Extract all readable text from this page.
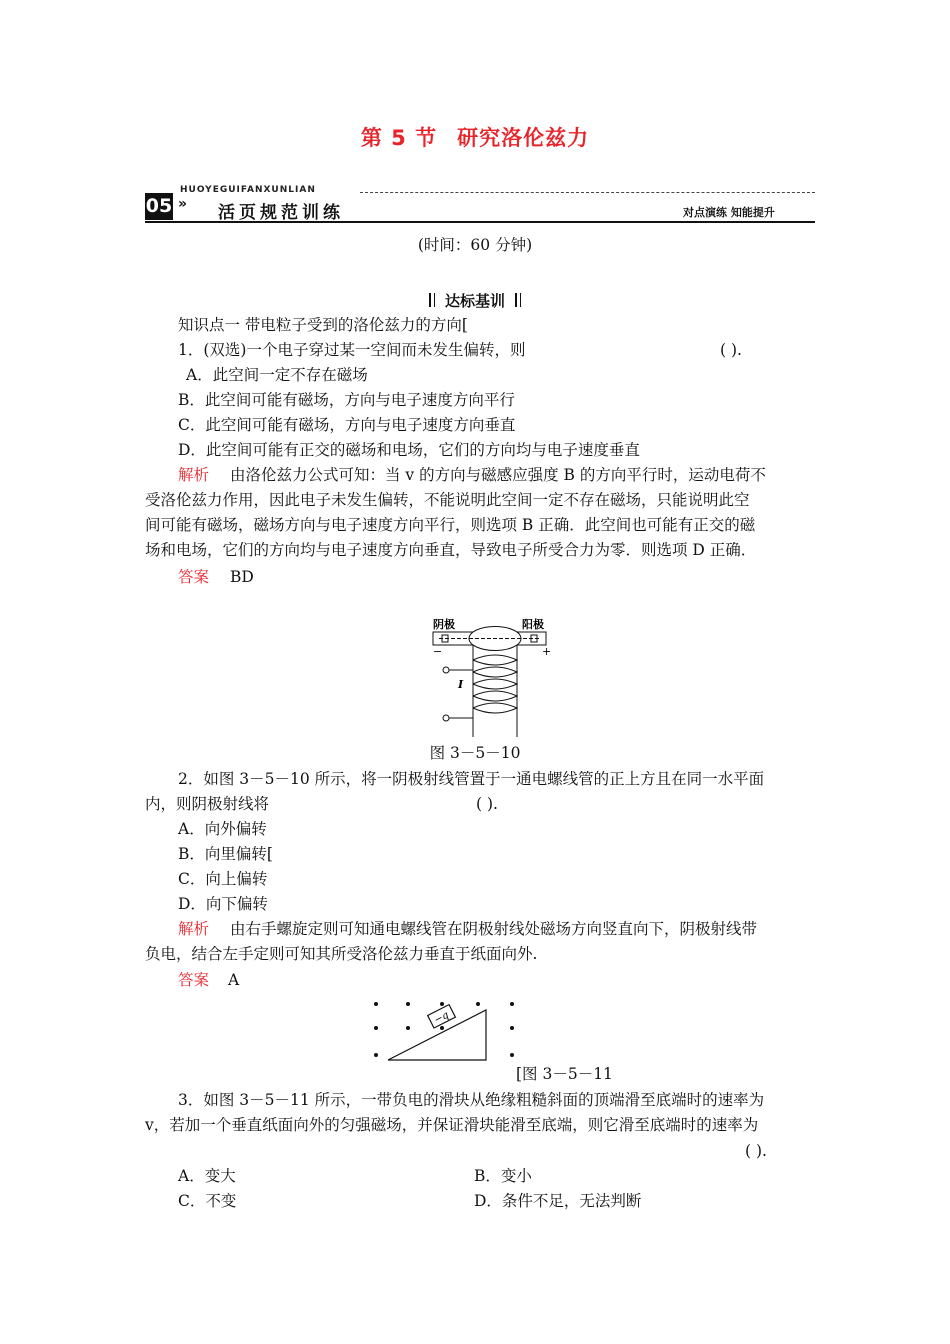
第 5 节 研究洛伦兹力
HUOYEGUIFANXUNLIAN
05 » 活页规范训练	对点演练 知能提升
(时间：60 分钟)
达标基训
知识点一 带电粒子受到的洛伦兹力的方向[
1．(双选)一个电子穿过某一空间而未发生偏转，则	( ).
A．此空间一定不存在磁场
B．此空间可能有磁场，方向与电子速度方向平行
C．此空间可能有磁场，方向与电子速度方向垂直
D．此空间可能有正交的磁场和电场，它们的方向均与电子速度垂直
解析 由洛伦兹力公式可知：当 v 的方向与磁感应强度 B 的方向平行时，运动电荷不
受洛伦兹力作用，因此电子未发生偏转，不能说明此空间一定不存在磁场，只能说明此空
间可能有磁场，磁场方向与电子速度方向平行，则选项 B 正确．此空间也可能有正交的磁
场和电场，它们的方向均与电子速度方向垂直，导致电子所受合力为零．则选项 D 正确．
答案 BD
阴极	阳极
−	+
I
图 3－5－10
2．如图 3－5－10 所示，将一阴极射线管置于一通电螺线管的正上方且在同一水平面
内，则阴极射线将	( ).
A．向外偏转
B．向里偏转[
C．向上偏转
D．向下偏转
解析 由右手螺旋定则可知通电螺线管在阴极射线处磁场方向竖直向下，阴极射线带
负电，结合左手定则可知其所受洛伦兹力垂直于纸面向外.
答案 A
−q
[图 3－5－11
3．如图 3－5－11 所示，一带负电的滑块从绝缘粗糙斜面的顶端滑至底端时的速率为
v，若加一个垂直纸面向外的匀强磁场，并保证滑块能滑至底端，则它滑至底端时的速率为
( ).
A．变大	B．变小
C．不变	D．条件不足，无法判断
